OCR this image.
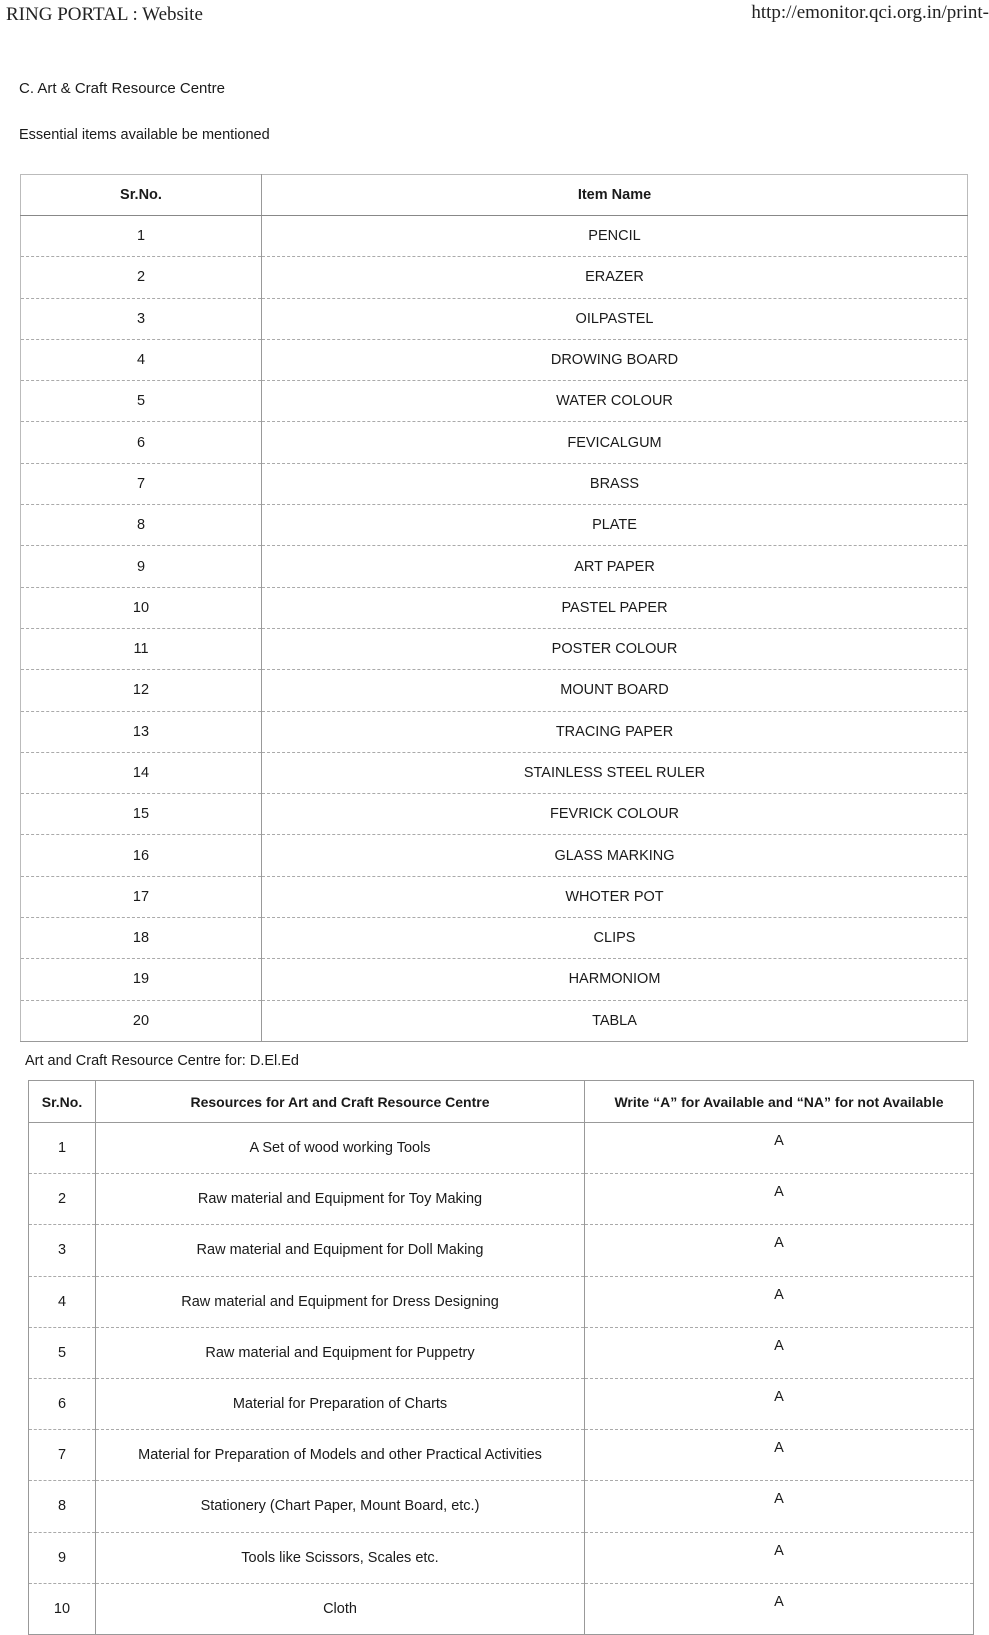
RING PORTAL : Website	http://emonitor.qci.org.in/print-
C. Art & Craft Resource Centre
Essential items available be mentioned
Sr.No.	Item Name
1	PENCIL
2	ERAZER
3	OILPASTEL
4	DROWING BOARD
5	WATER COLOUR
6	FEVICALGUM
7	BRASS
8	PLATE
9	ART PAPER
10	PASTEL PAPER
11	POSTER COLOUR
12	MOUNT BOARD
13	TRACING PAPER
14	STAINLESS STEEL RULER
15	FEVRICK COLOUR
16	GLASS MARKING
17	WHOTER POT
18	CLIPS
19	HARMONIOM
20	TABLA
Art and Craft Resource Centre for: D.El.Ed
Sr.No.	Resources for Art and Craft Resource Centre	Write “A” for Available and “NA” for not Available
1	A Set of wood working Tools	A
2	Raw material and Equipment for Toy Making	A
3	Raw material and Equipment for Doll Making	A
4	Raw material and Equipment for Dress Designing	A
5	Raw material and Equipment for Puppetry	A
6	Material for Preparation of Charts	A
7	Material for Preparation of Models and other Practical Activities	A
8	Stationery (Chart Paper, Mount Board, etc.)	A
9	Tools like Scissors, Scales etc.	A
10	Cloth	A
